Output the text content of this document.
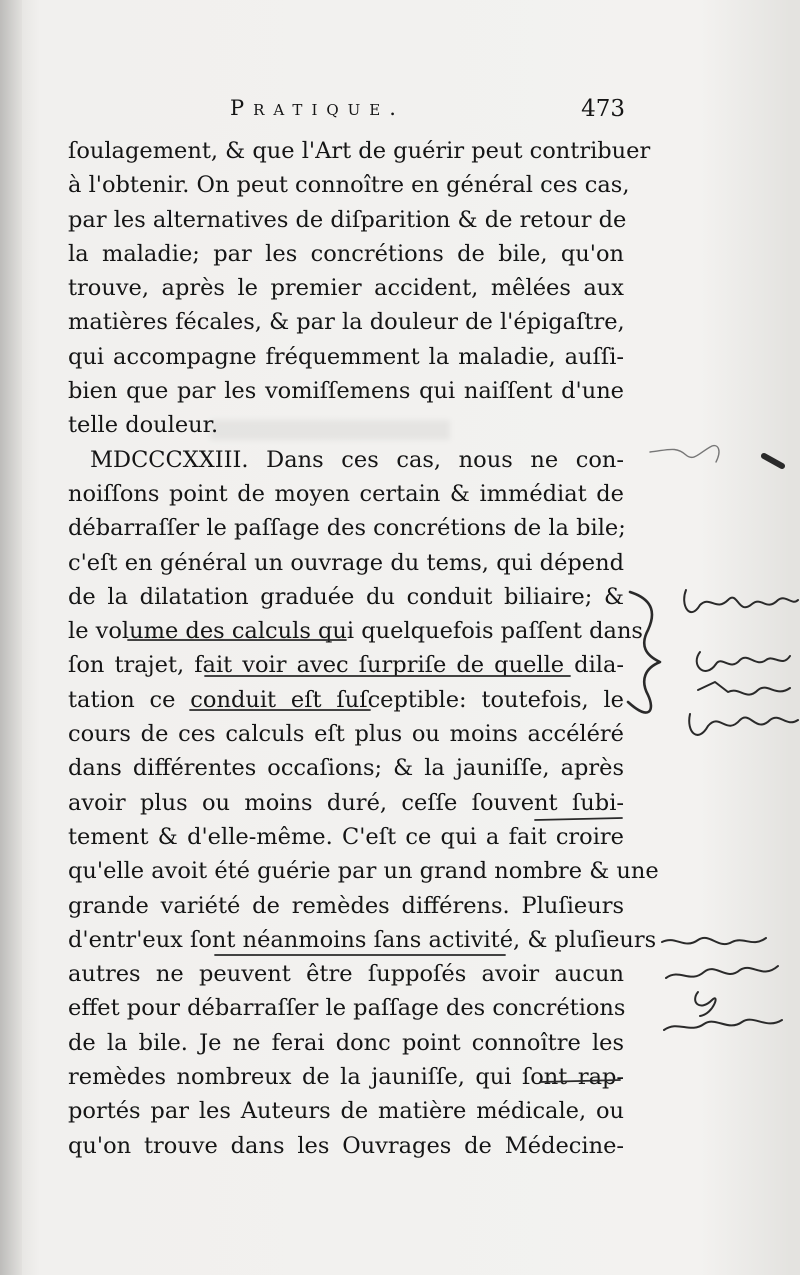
Pratique.	473
ſoulagement, & que l'Art de guérir peut contribuer
à l'obtenir. On peut connoître en général ces cas,
par les alternatives de diſparition & de retour de
la maladie; par les concrétions de bile, qu'on
trouve, après le premier accident, mêlées aux
matières fécales, & par la douleur de l'épigaſtre,
qui accompagne fréquemment la maladie, auſſi-
bien que par les vomiſſemens qui naiſſent d'une
telle douleur.
MDCCCXXIII. Dans ces cas, nous ne con-
noiſſons point de moyen certain & immédiat de
débarraſſer le paſſage des concrétions de la bile;
c'eſt en général un ouvrage du tems, qui dépend
de la dilatation graduée du conduit biliaire; &
le volume des calculs qui quelquefois paſſent dans
ſon trajet, fait voir avec ſurpriſe de quelle dila-
tation ce conduit eſt ſuſceptible: toutefois, le
cours de ces calculs eſt plus ou moins accéléré
dans différentes occaſions; & la jauniſſe, après
avoir plus ou moins duré, ceſſe ſouvent ſubi-
tement & d'elle-même. C'eſt ce qui a fait croire
qu'elle avoit été guérie par un grand nombre & une
grande variété de remèdes différens. Pluſieurs
d'entr'eux ſont néanmoins ſans activité, & pluſieurs
autres ne peuvent être ſuppoſés avoir aucun
effet pour débarraſſer le paſſage des concrétions
de la bile. Je ne ferai donc point connoître les
remèdes nombreux de la jauniſſe, qui ſont rap-
portés par les Auteurs de matière médicale, ou
qu'on trouve dans les Ouvrages de Médecine-
